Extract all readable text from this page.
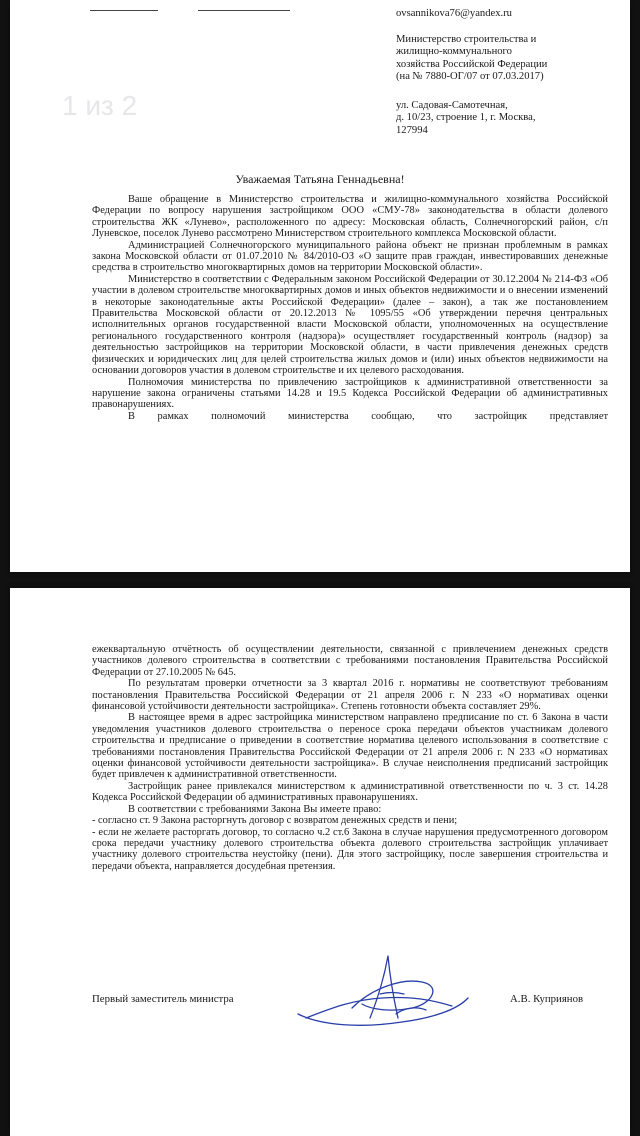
1 из 2
ovsannikova76@yandex.ru
Министерство строительства и
жилищно-коммунального
хозяйства Российской Федерации
(на № 7880-ОГ/07 от 07.03.2017)
ул. Садовая-Самотечная,
д. 10/23, строение 1, г. Москва,
127994
Уважаемая Татьяна Геннадьевна!

Ваше обращение в Министерство строительства и жилищно-коммунального хозяйства Российской Федерации по вопросу нарушения застройщиком ООО «СМУ-78» законодательства в области долевого строительства ЖК «Лунево», расположенного по адресу: Московская область, Солнечногорский район, с/п Луневское, поселок Лунево рассмотрено Министерством строительного комплекса Московской области.

Администрацией Солнечногорского муниципального района объект не признан проблемным в рамках закона Московской области от 01.07.2010 № 84/2010-ОЗ «О защите прав граждан, инвестировавших денежные средства в строительство многоквартирных домов на территории Московской области».

Министерство в соответствии с Федеральным законом Российской Федерации от 30.12.2004 № 214-ФЗ «Об участии в долевом строительстве многоквартирных домов и иных объектов недвижимости и о внесении изменений в некоторые законодательные акты Российской Федерации» (далее – закон), а так же постановлением Правительства Московской области от 20.12.2013 № 1095/55 «Об утверждении перечня центральных исполнительных органов государственной власти Московской области, уполномоченных на осуществление регионального государственного контроля (надзора)» осуществляет государственный контроль (надзор) за деятельностью застройщиков на территории Московской области, в части привлечения денежных средств физических и юридических лиц для целей строительства жилых домов и (или) иных объектов недвижимости на основании договоров участия в долевом строительстве и их целевого расходования.

Полномочия министерства по привлечению застройщиков к административной ответственности за нарушение закона ограничены статьями 14.28 и 19.5 Кодекса Российской Федерации об административных правонарушениях.

В рамках полномочий министерства сообщаю, что застройщик представляет

ежеквартальную отчётность об осуществлении деятельности, связанной с привлечением денежных средств участников долевого строительства в соответствии с требованиями постановления Правительства Российской Федерации от 27.10.2005 № 645.

По результатам проверки отчетности за 3 квартал 2016 г. нормативы не соответствуют требованиям постановления Правительства Российской Федерации от 21 апреля 2006 г. N 233 «О нормативах оценки финансовой устойчивости деятельности застройщика». Степень готовности объекта составляет 29%.

В настоящее время в адрес застройщика министерством направлено предписание по ст. 6 Закона в части уведомления участников долевого строительства о переносе срока передачи объектов участникам долевого строительства и предписание о приведении в соответствие норматива целевого использования в соответствие с требованиями постановления Правительства Российской Федерации от 21 апреля 2006 г. N 233 «О нормативах оценки финансовой устойчивости деятельности застройщика». В случае неисполнения предписаний застройщик будет привлечен к административной ответственности.

Застройщик ранее привлекался министерством к административной ответственности по ч. 3 ст. 14.28 Кодекса Российской Федерации об административных правонарушениях.

В соответствии с требованиями Закона Вы имеете право:

- согласно ст. 9 Закона расторгнуть договор с возвратом денежных средств и пени;

- если не желаете расторгать договор, то согласно ч.2 ст.6 Закона в случае нарушения предусмотренного договором срока передачи участнику долевого строительства объекта долевого строительства застройщик уплачивает участнику долевого строительства неустойку (пени). Для этого застройщику, после завершения строительства и передачи объекта, направляется досудебная претензия.

Первый заместитель министра	А.В. Куприянов
